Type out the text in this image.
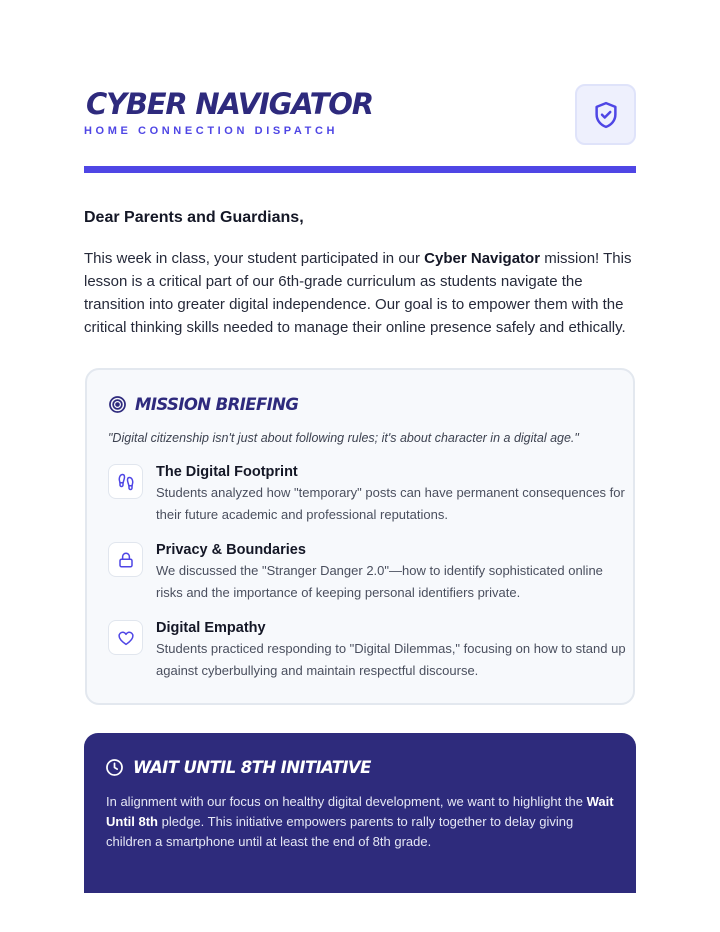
CYBER NAVIGATOR
HOME CONNECTION DISPATCH
Dear Parents and Guardians,

This week in class, your student participated in our Cyber Navigator mission! This lesson is a critical part of our 6th-grade curriculum as students navigate the transition into greater digital independence. Our goal is to empower them with the critical thinking skills needed to manage their online presence safely and ethically.

MISSION BRIEFING
"Digital citizenship isn't just about following rules; it's about character in a digital age."
The Digital Footprint
Students analyzed how "temporary" posts can have permanent consequences for their future academic and professional reputations.
Privacy & Boundaries
We discussed the "Stranger Danger 2.0"—how to identify sophisticated online risks and the importance of keeping personal identifiers private.
Digital Empathy
Students practiced responding to "Digital Dilemmas," focusing on how to stand up against cyberbullying and maintain respectful discourse.
WAIT UNTIL 8TH INITIATIVE

In alignment with our focus on healthy digital development, we want to highlight the Wait Until 8th pledge. This initiative empowers parents to rally together to delay giving children a smartphone until at least the end of 8th grade.
